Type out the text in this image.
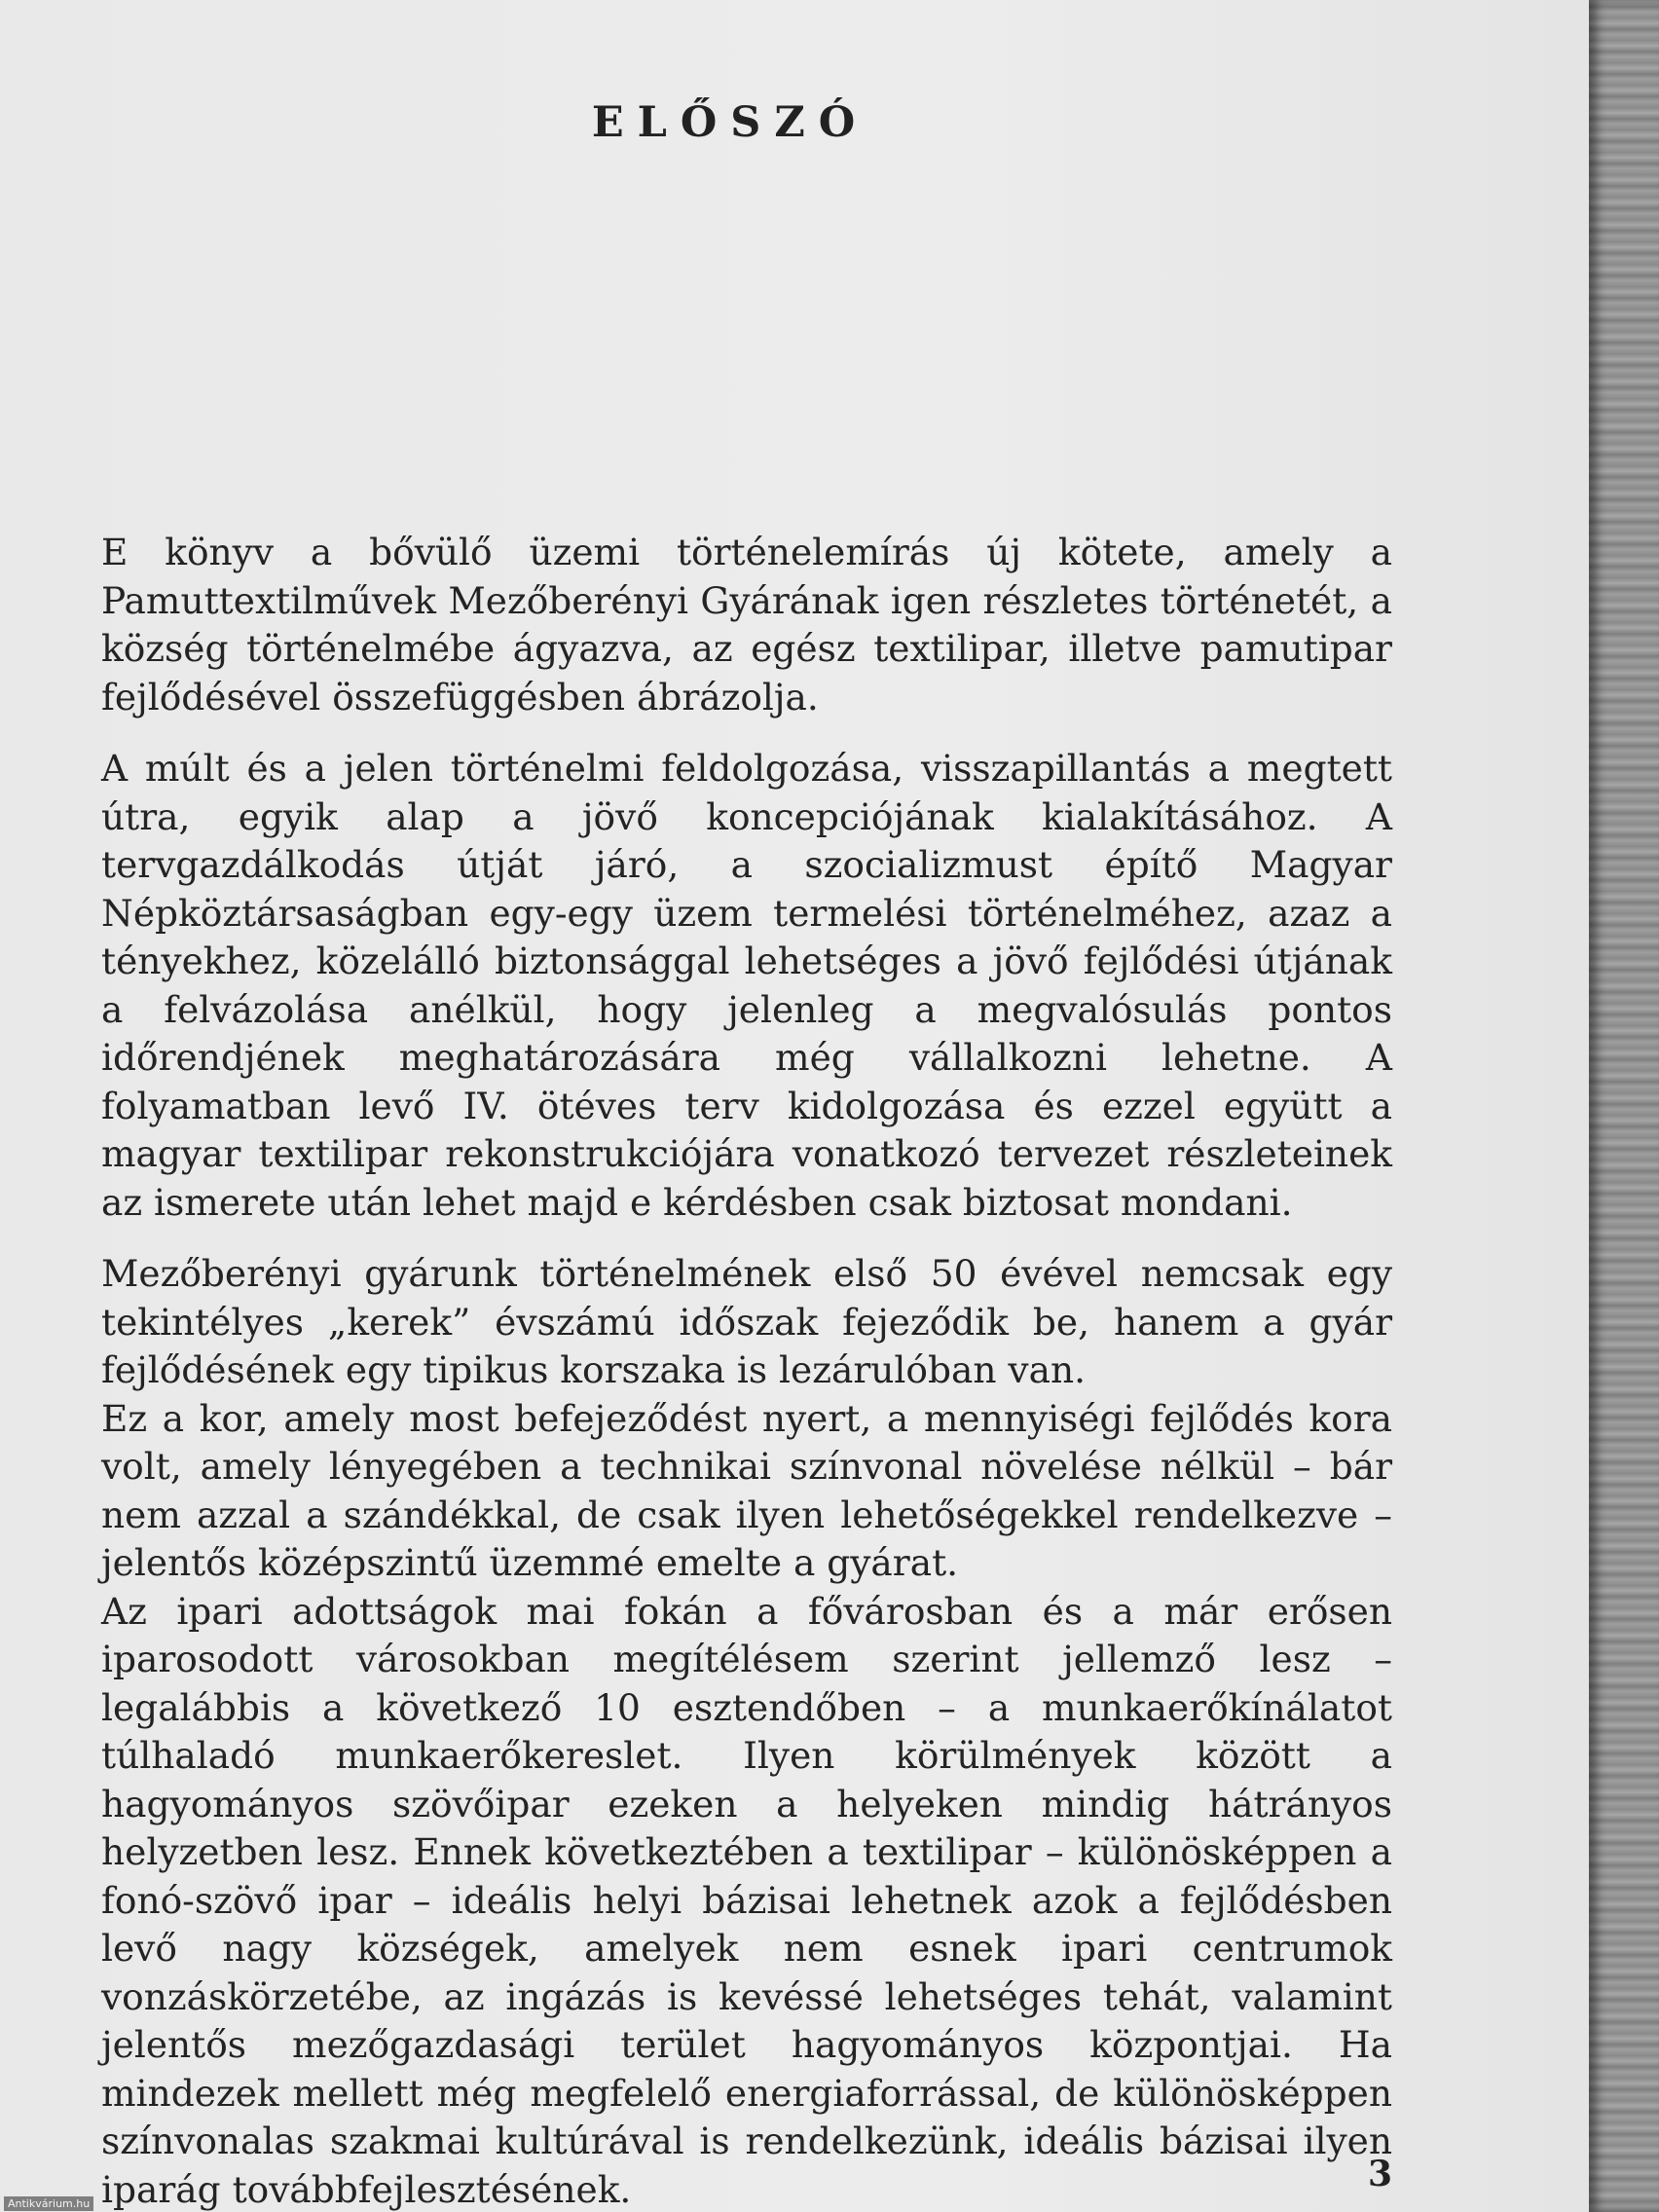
ELŐSZÓ

E könyv a bővülő üzemi történelemírás új kötete, amely a Pamuttextilművek Mezőberényi Gyárának igen részletes történetét, a község történelmébe ágyazva, az egész textilipar, illetve pamutipar fejlődésével összefüggésben ábrázolja.

A múlt és a jelen történelmi feldolgozása, visszapillantás a megtett útra, egyik alap a jövő koncepciójának kialakításához. A tervgazdálkodás útját járó, a szocializmust építő Magyar Népköztársaságban egy-egy üzem termelési történelméhez, azaz a tényekhez, közelálló biztonsággal lehetséges a jövő fejlődési útjának a felvázolása anélkül, hogy jelenleg a megvalósulás pontos időrendjének meghatározására még vállalkozni lehetne. A folyamatban levő IV. ötéves terv kidolgozása és ezzel együtt a magyar textilipar rekonstrukciójára vonatkozó tervezet részleteinek az ismerete után lehet majd e kérdésben csak biztosat mondani.

Mezőberényi gyárunk történelmének első 50 évével nemcsak egy tekintélyes „kerek” évszámú időszak fejeződik be, hanem a gyár fejlődésének egy tipikus korszaka is lezárulóban van.

Ez a kor, amely most befejeződést nyert, a mennyiségi fejlődés kora volt, amely lényegében a technikai színvonal növelése nélkül – bár nem azzal a szándékkal, de csak ilyen lehetőségekkel rendelkezve – jelentős középszintű üzemmé emelte a gyárat.

Az ipari adottságok mai fokán a fővárosban és a már erősen iparosodott városokban megítélésem szerint jellemző lesz – legalábbis a következő 10 esztendőben – a munkaerőkínálatot túlhaladó munkaerőkereslet. Ilyen körülmények között a hagyományos szövőipar ezeken a helyeken mindig hátrányos helyzetben lesz. Ennek következtében a textilipar – különösképpen a fonó-szövő ipar – ideális helyi bázisai lehetnek azok a fejlődésben levő nagy községek, amelyek nem esnek ipari centrumok vonzáskörzetébe, az ingázás is kevéssé lehetséges tehát, valamint jelentős mezőgazdasági terület hagyományos központjai. Ha mindezek mellett még megfelelő energiaforrással, de különösképpen színvonalas szakmai kultúrával is rendelkezünk, ideális bázisai ilyen iparág továbbfejlesztésének.	3
Antikvárium.hu
